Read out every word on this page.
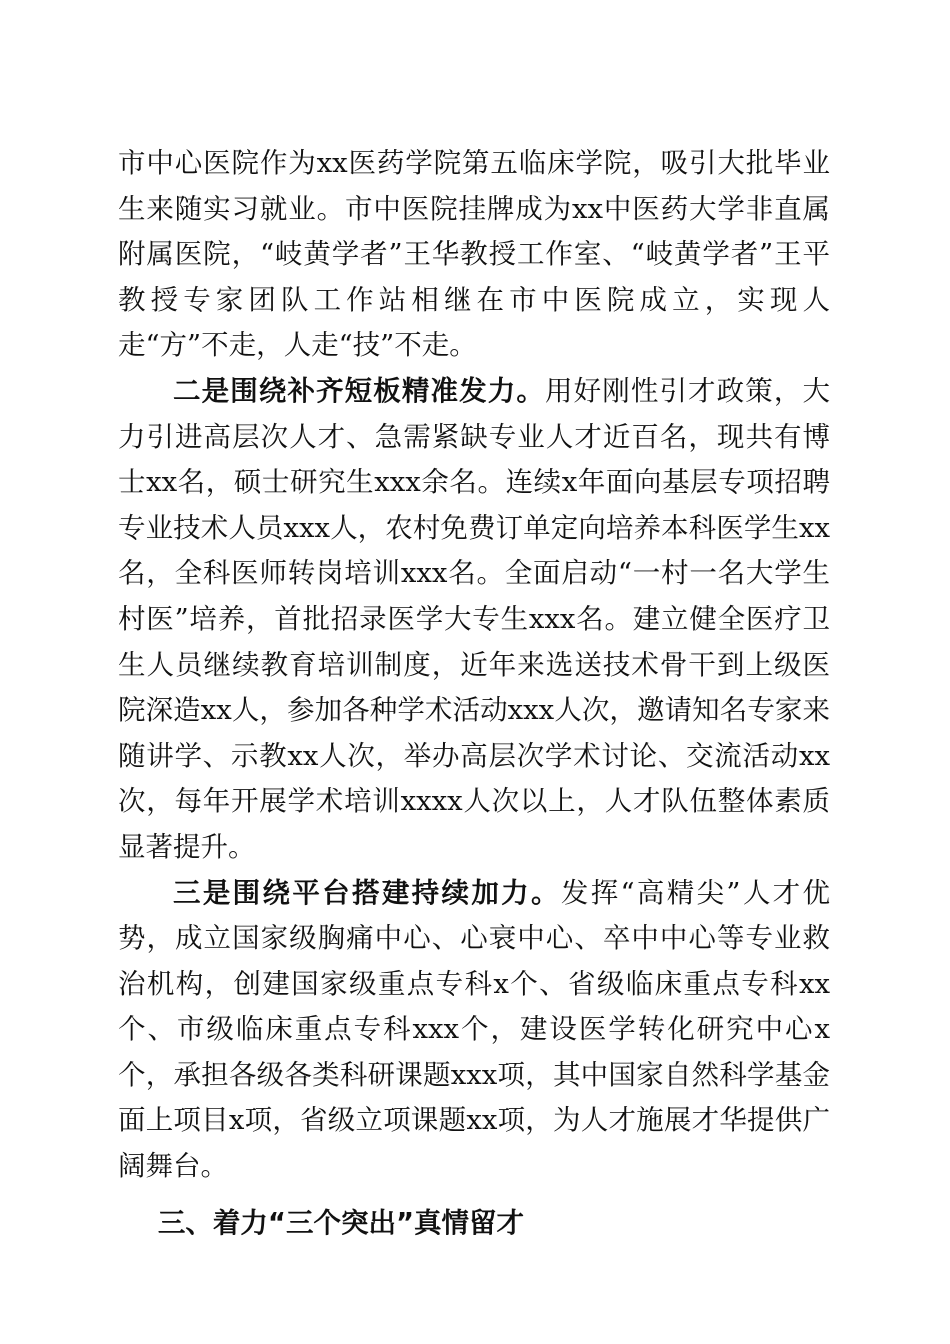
市中心医院作为xx医药学院第五临床学院，吸引大批毕业生来随实习就业。市中医院挂牌成为xx中医药大学非直属附属医院，“岐黄学者”王华教授工作室、“岐黄学者”王平教授专家团队工作站相继在市中医院成立，实现人走“方”不走，人走“技”不走。

二是围绕补齐短板精准发力。用好刚性引才政策，大力引进高层次人才、急需紧缺专业人才近百名，现共有博士xx名，硕士研究生xxx余名。连续x年面向基层专项招聘专业技术人员xxx人，农村免费订单定向培养本科医学生xx名，全科医师转岗培训xxx名。全面启动“一村一名大学生村医”培养，首批招录医学大专生xxx名。建立健全医疗卫生人员继续教育培训制度，近年来选送技术骨干到上级医院深造xx人，参加各种学术活动xxx人次，邀请知名专家来随讲学、示教xx人次，举办高层次学术讨论、交流活动xx次，每年开展学术培训xxxx人次以上，人才队伍整体素质显著提升。

三是围绕平台搭建持续加力。发挥“高精尖”人才优势，成立国家级胸痛中心、心衰中心、卒中中心等专业救治机构，创建国家级重点专科x个、省级临床重点专科xx个、市级临床重点专科xxx个，建设医学转化研究中心x个，承担各级各类科研课题xxx项，其中国家自然科学基金面上项目x项，省级立项课题xx项，为人才施展才华提供广阔舞台。

三、着力“三个突出”真情留才
